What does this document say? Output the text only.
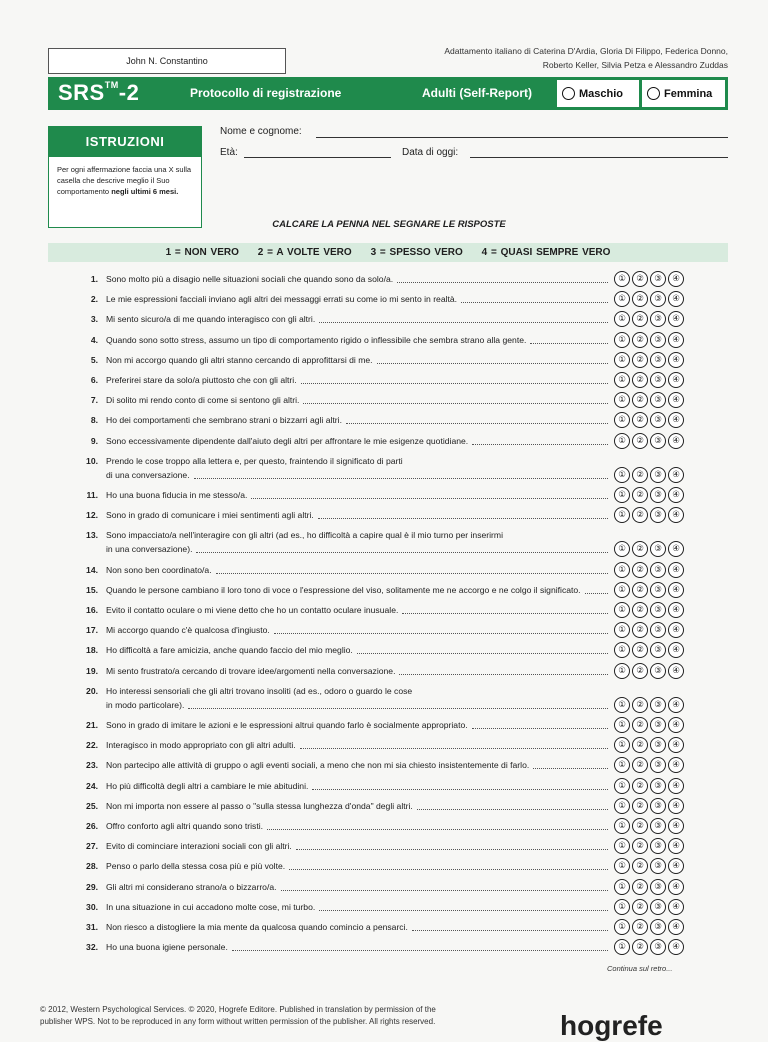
John N. Constantino
Adattamento italiano di Caterina D'Ardia, Gloria Di Filippo, Federica Donno,
Roberto Keller, Silvia Petza e Alessandro Zuddas
SRS™-2	Protocollo di registrazione	Adulti (Self-Report)	Maschio	Femmina
ISTRUZIONI
Per ogni affermazione faccia una X sulla casella che descrive meglio il Suo comportamento negli ultimi 6 mesi.
Nome e cognome:
Età:	Data di oggi:
CALCARE LA PENNA NEL SEGNARE LE RISPOSTE
1 = NON VERO     2 = A VOLTE VERO     3 = SPESSO VERO     4 = QUASI SEMPRE VERO
1. Sono molto più a disagio nelle situazioni sociali che quando sono da solo/a.	①	②	③	④
2. Le mie espressioni facciali inviano agli altri dei messaggi errati su come io mi sento in realtà.	①	②	③	④
3. Mi sento sicuro/a di me quando interagisco con gli altri.	①	②	③	④
4. Quando sono sotto stress, assumo un tipo di comportamento rigido o inflessibile che sembra strano alla gente.	①	②	③	④
5. Non mi accorgo quando gli altri stanno cercando di approfittarsi di me.	①	②	③	④
6. Preferirei stare da solo/a piuttosto che con gli altri.	①	②	③	④
7. Di solito mi rendo conto di come si sentono gli altri.	①	②	③	④
8. Ho dei comportamenti che sembrano strani o bizzarri agli altri.	①	②	③	④
9. Sono eccessivamente dipendente dall'aiuto degli altri per affrontare le mie esigenze quotidiane.	①	②	③	④
10. Prendo le cose troppo alla lettera e, per questo, fraintendo il significato di parti
di una conversazione.	①	②	③	④
11. Ho una buona fiducia in me stesso/a.	①	②	③	④
12. Sono in grado di comunicare i miei sentimenti agli altri.	①	②	③	④
13. Sono impacciato/a nell'interagire con gli altri (ad es., ho difficoltà a capire qual è il mio turno per inserirmi
in una conversazione).	①	②	③	④
14. Non sono ben coordinato/a.	①	②	③	④
15. Quando le persone cambiano il loro tono di voce o l'espressione del viso, solitamente me ne accorgo e ne colgo il significato.	①	②	③	④
16. Evito il contatto oculare o mi viene detto che ho un contatto oculare inusuale.	①	②	③	④
17. Mi accorgo quando c'è qualcosa d'ingiusto.	①	②	③	④
18. Ho difficoltà a fare amicizia, anche quando faccio del mio meglio.	①	②	③	④
19. Mi sento frustrato/a cercando di trovare idee/argomenti nella conversazione.	①	②	③	④
20. Ho interessi sensoriali che gli altri trovano insoliti (ad es., odoro o guardo le cose
in modo particolare).	①	②	③	④
21. Sono in grado di imitare le azioni e le espressioni altrui quando farlo è socialmente appropriato.	①	②	③	④
22. Interagisco in modo appropriato con gli altri adulti.	①	②	③	④
23. Non partecipo alle attività di gruppo o agli eventi sociali, a meno che non mi sia chiesto insistentemente di farlo.	①	②	③	④
24. Ho più difficoltà degli altri a cambiare le mie abitudini.	①	②	③	④
25. Non mi importa non essere al passo o "sulla stessa lunghezza d'onda" degli altri.	①	②	③	④
26. Offro conforto agli altri quando sono tristi.	①	②	③	④
27. Evito di cominciare interazioni sociali con gli altri.	①	②	③	④
28. Penso o parlo della stessa cosa più e più volte.	①	②	③	④
29. Gli altri mi considerano strano/a o bizzarro/a.	①	②	③	④
30. In una situazione in cui accadono molte cose, mi turbo.	①	②	③	④
31. Non riesco a distogliere la mia mente da qualcosa quando comincio a pensarci.	①	②	③	④
32. Ho una buona igiene personale.	①	②	③	④
Continua sul retro...
© 2012, Western Psychological Services. © 2020, Hogrefe Editore. Published in translation by permission of the
publisher WPS. Not to be reproduced in any form without written permission of the publisher. All rights reserved.	hogrefe
